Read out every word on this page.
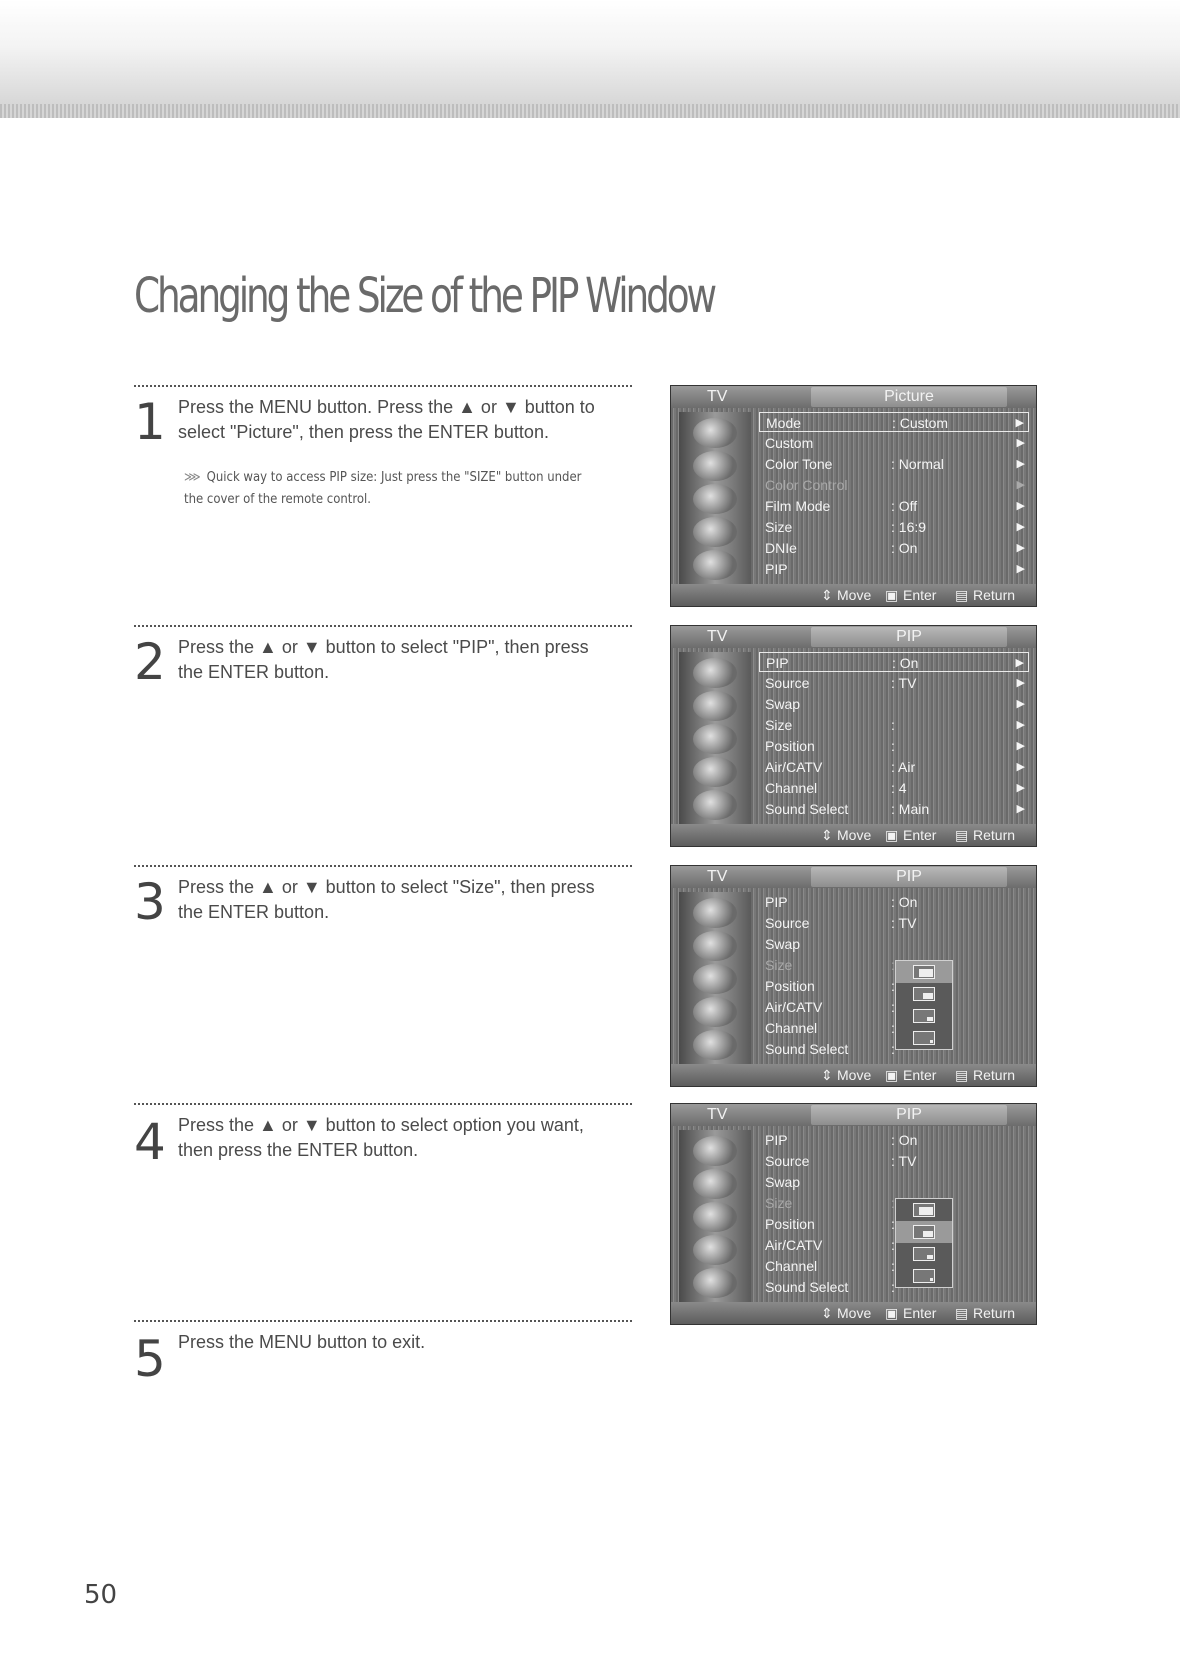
Changing the Size of the PIP Window
1 Press the MENU button. Press the ▲ or ▼ button to select "Picture", then press the ENTER button.
⋙ Quick way to access PIP size: Just press the "SIZE" button under the cover of the remote control.
2 Press the ▲ or ▼ button to select "PIP", then press the ENTER button.
3 Press the ▲ or ▼ button to select "Size", then press the ENTER button.
4 Press the ▲ or ▼ button to select option you want, then press the ENTER button.
5 Press the MENU button to exit.
TV	Picture
Mode	: Custom	▶
Custom	▶
Color Tone	: Normal	▶
Color Control	▶
Film Mode	: Off	▶
Size	: 16:9	▶
DNIe	: On	▶
PIP	▶
⇕ Move ▣ Enter ▤ Return
TV	PIP
PIP	: On	▶
Source	: TV	▶
Swap	▶
Size	:	▶
Position	:	▶
Air/CATV	: Air	▶
Channel	: 4	▶
Sound Select	: Main	▶
⇕ Move ▣ Enter ▤ Return
TV	PIP
PIP	: On
Source	: TV
Swap
Size	:
Position	:
Air/CATV	:
Channel	:
Sound Select	:
⇕ Move ▣ Enter ▤ Return
TV	PIP
PIP	: On
Source	: TV
Swap
Size	:
Position	:
Air/CATV	:
Channel	:
Sound Select	:
⇕ Move ▣ Enter ▤ Return
50
